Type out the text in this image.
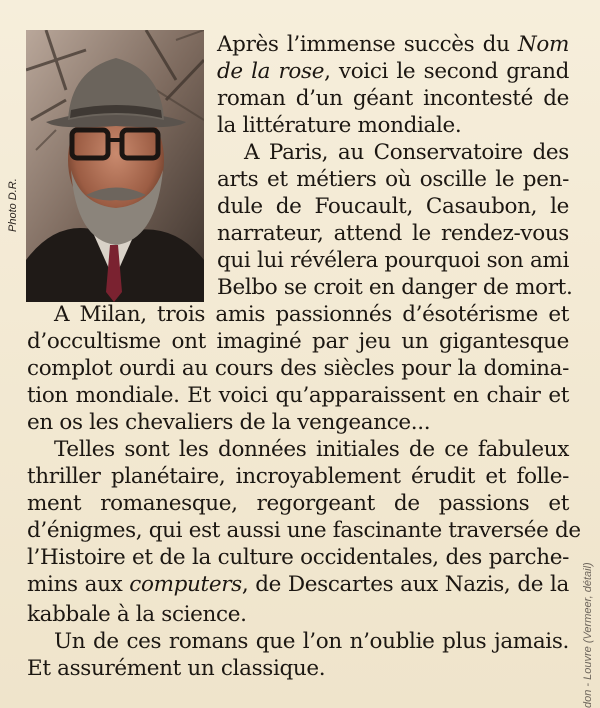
Photo D.R.
Après l’immense succès du Nom
de la rose, voici le second grand
roman d’un géant incontesté de
la littérature mondiale.
A Paris, au Conservatoire des
arts et métiers où oscille le pen-
dule de Foucault, Casaubon, le
narrateur, attend le rendez-vous
qui lui révélera pourquoi son ami
Belbo se croit en danger de mort.
A Milan, trois amis passionnés d’ésotérisme et
d’occultisme ont imaginé par jeu un gigantesque
complot ourdi au cours des siècles pour la domina-
tion mondiale. Et voici qu’apparaissent en chair et
en os les chevaliers de la vengeance...
Telles sont les données initiales de ce fabuleux
thriller planétaire, incroyablement érudit et folle-
ment romanesque, regorgeant de passions et
d’énigmes, qui est aussi une fascinante traversée de
l’Histoire et de la culture occidentales, des parche-
mins aux computers, de Descartes aux Nazis, de la
kabbale à la science.
Un de ces romans que l’on n’oublie plus jamais.
Et assurément un classique.	don - Louvre (Vermeer, détail)
